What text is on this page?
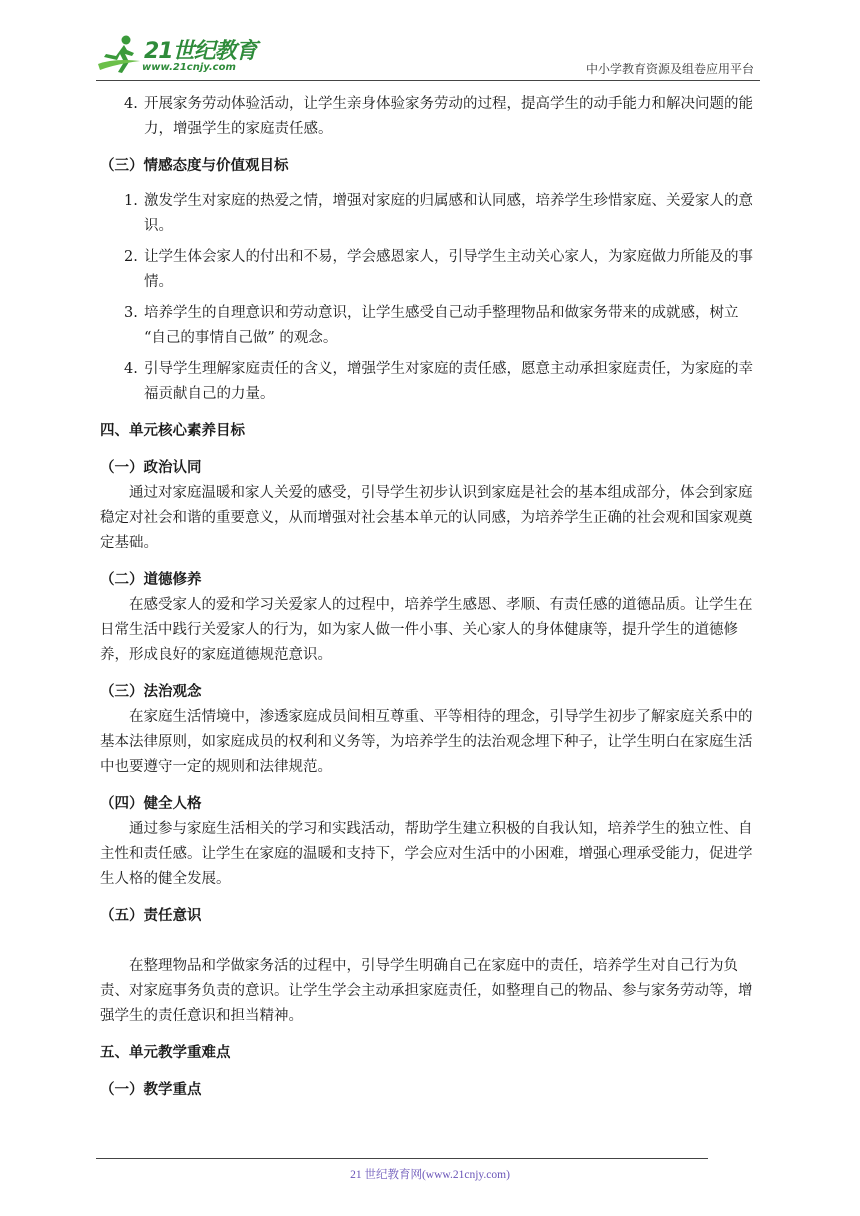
21世纪教育
www.21cnjy.com	中小学教育资源及组卷应用平台
4. 开展家务劳动体验活动，让学生亲身体验家务劳动的过程，提高学生的动手能力和解决问题的能力，增强学生的家庭责任感。
（三）情感态度与价值观目标
1. 激发学生对家庭的热爱之情，增强对家庭的归属感和认同感，培养学生珍惜家庭、关爱家人的意识。
2. 让学生体会家人的付出和不易，学会感恩家人，引导学生主动关心家人，为家庭做力所能及的事情。
3. 培养学生的自理意识和劳动意识，让学生感受自己动手整理物品和做家务带来的成就感，树立 “自己的事情自己做” 的观念。
4. 引导学生理解家庭责任的含义，增强学生对家庭的责任感，愿意主动承担家庭责任，为家庭的幸福贡献自己的力量。
四、单元核心素养目标
（一）政治认同
通过对家庭温暖和家人关爱的感受，引导学生初步认识到家庭是社会的基本组成部分，体会到家庭稳定对社会和谐的重要意义，从而增强对社会基本单元的认同感，为培养学生正确的社会观和国家观奠定基础。
（二）道德修养
在感受家人的爱和学习关爱家人的过程中，培养学生感恩、孝顺、有责任感的道德品质。让学生在日常生活中践行关爱家人的行为，如为家人做一件小事、关心家人的身体健康等，提升学生的道德修养，形成良好的家庭道德规范意识。
（三）法治观念
在家庭生活情境中，渗透家庭成员间相互尊重、平等相待的理念，引导学生初步了解家庭关系中的基本法律原则，如家庭成员的权利和义务等，为培养学生的法治观念埋下种子，让学生明白在家庭生活中也要遵守一定的规则和法律规范。
（四）健全人格
通过参与家庭生活相关的学习和实践活动，帮助学生建立积极的自我认知，培养学生的独立性、自主性和责任感。让学生在家庭的温暖和支持下，学会应对生活中的小困难，增强心理承受能力，促进学生人格的健全发展。
（五）责任意识
在整理物品和学做家务活的过程中，引导学生明确自己在家庭中的责任，培养学生对自己行为负责、对家庭事务负责的意识。让学生学会主动承担家庭责任，如整理自己的物品、参与家务劳动等，增强学生的责任意识和担当精神。
五、单元教学重难点
（一）教学重点
21 世纪教育网(www.21cnjy.com)
